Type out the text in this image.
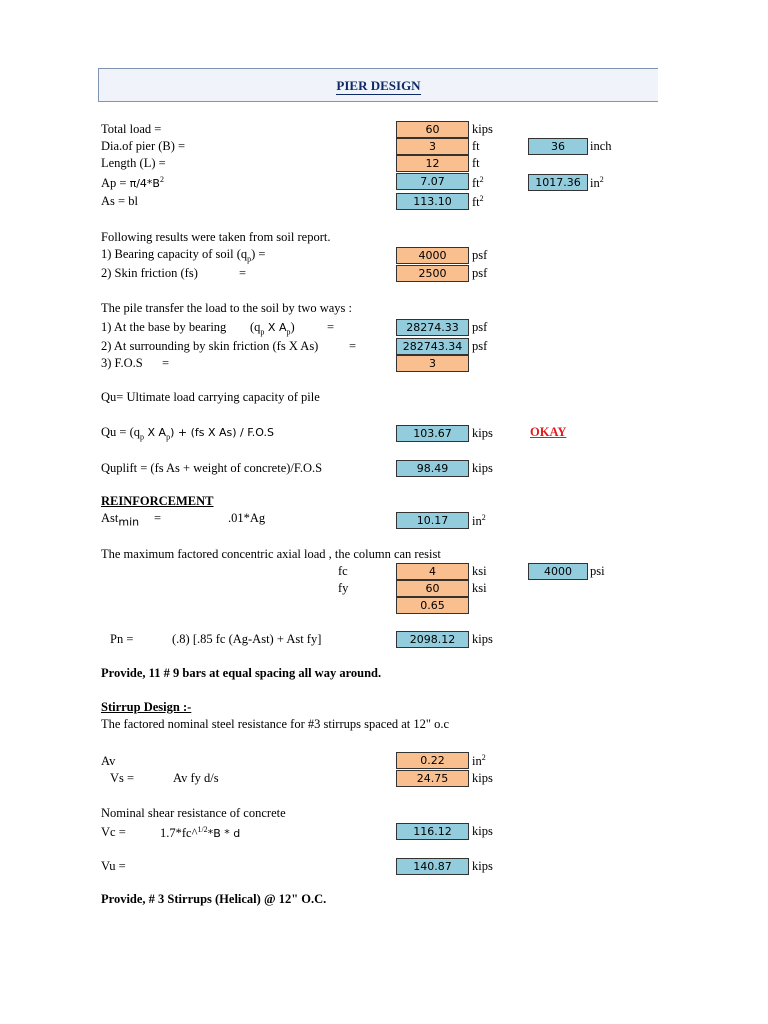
PIER DESIGN
Total load =	60	kips
Dia.of pier (B) =	3	ft	36	inch
Length (L) =	12	ft
$Ap = \pi/4*B^2$	7.07	$ft^2$	1017.36 $in^2$
As = bl	113.10	$ft^2$
Following results were taken from soil report.
1) Bearing capacity of soil $(q_p)$ =	4000	psf
2) Skin friction (fs)	=	2500	psf
The pile transfer the load to the soil by two ways :
1) At the base by bearing ($q_p$ X $A_p$)	=	28274.33	psf
2) At surrounding by skin friction (fs X As) =	282743.34 psf
3) F.O.S =	3
Qu= Ultimate load carrying capacity of pile
$Qu = (q_p$ X $A_p) + (fs$ X As) / F.O.S	103.67	kips	OKAY
Quplift = (fs As + weight of concrete)/F.O.S	98.49	kips
REINFORCEMENT
Ast$_{min}$ =	.01*Ag	10.17	$in^2$
The maximum factored concentric axial load , the column can resist
fc	4	ksi	4000	psi
fy	60	ksi
0.65
Pn =	(.8) [.85 fc (Ag-Ast) + Ast fy]	2098.12	kips
Provide, 11 # 9 bars at equal spacing all way around.
Stirrup Design :-
The factored nominal steel resistance for #3 stirrups spaced at 12" o.c
Av	0.22	$in^2$
Vs =	Av fy d/s	24.75	kips
Nominal shear resistance of concrete
Vc =	1.7*fc^$^{1/2}$*B * d	116.12	kips
Vu =	140.87	kips
Provide, # 3 Stirrups (Helical) @ 12" O.C.
